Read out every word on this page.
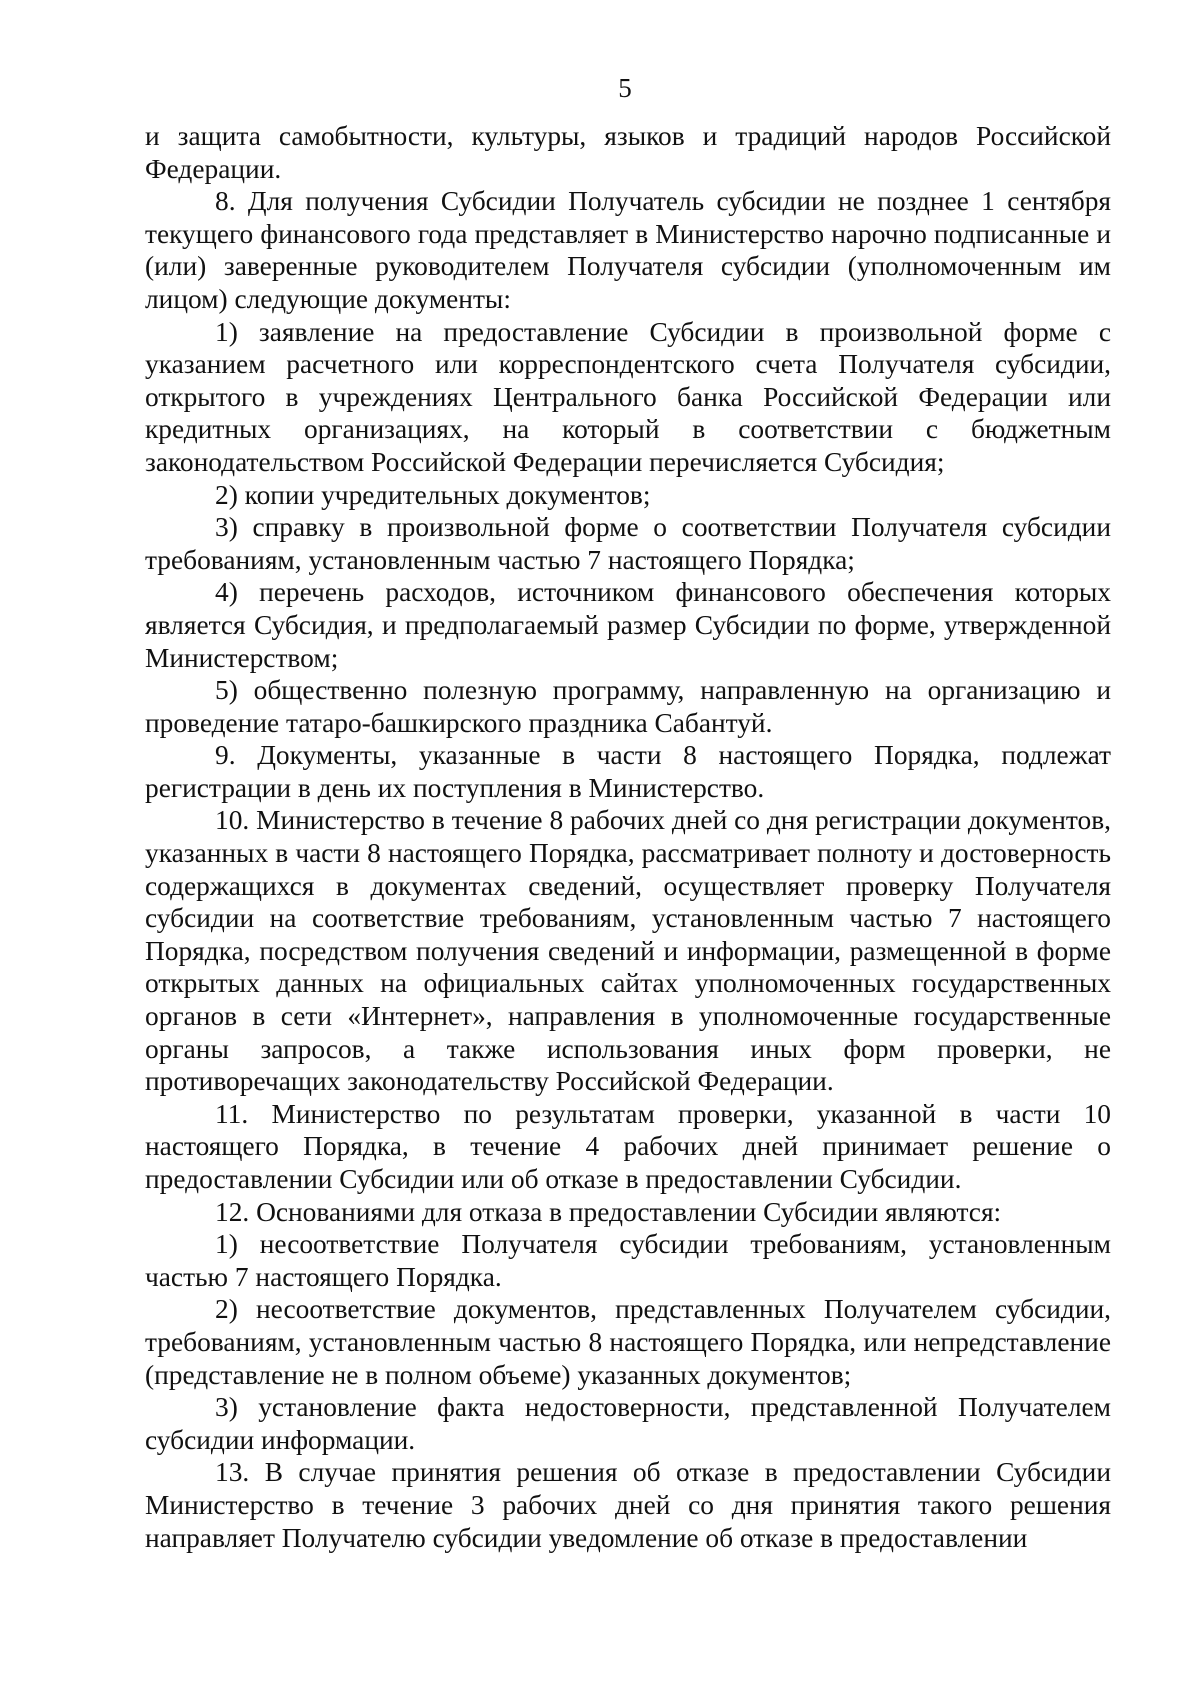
5

и защита самобытности, культуры, языков и традиций народов Российской Федерации.

8. Для получения Субсидии Получатель субсидии не позднее 1 сентября текущего финансового года представляет в Министерство нарочно подписанные и (или) заверенные руководителем Получателя субсидии (уполномоченным им лицом) следующие документы:

1) заявление на предоставление Субсидии в произвольной форме с указанием расчетного или корреспондентского счета Получателя субсидии, открытого в учреждениях Центрального банка Российской Федерации или кредитных организациях, на который в соответствии с бюджетным законодательством Российской Федерации перечисляется Субсидия;

2) копии учредительных документов;

3) справку в произвольной форме о соответствии Получателя субсидии требованиям, установленным частью 7 настоящего Порядка;

4) перечень расходов, источником финансового обеспечения которых является Субсидия, и предполагаемый размер Субсидии по форме, утвержденной Министерством;

5) общественно полезную программу, направленную на организацию и проведение татаро-башкирского праздника Сабантуй.

9. Документы, указанные в части 8 настоящего Порядка, подлежат регистрации в день их поступления в Министерство.

10. Министерство в течение 8 рабочих дней со дня регистрации документов, указанных в части 8 настоящего Порядка, рассматривает полноту и достоверность содержащихся в документах сведений, осуществляет проверку Получателя субсидии на соответствие требованиям, установленным частью 7 настоящего Порядка, посредством получения сведений и информации, размещенной в форме открытых данных на официальных сайтах уполномоченных государственных органов в сети «Интернет», направления в уполномоченные государственные органы запросов, а также использования иных форм проверки, не противоречащих законодательству Российской Федерации.

11. Министерство по результатам проверки, указанной в части 10 настоящего Порядка, в течение 4 рабочих дней принимает решение о предоставлении Субсидии или об отказе в предоставлении Субсидии.

12. Основаниями для отказа в предоставлении Субсидии являются:

1) несоответствие Получателя субсидии требованиям, установленным частью 7 настоящего Порядка.

2) несоответствие документов, представленных Получателем субсидии, требованиям, установленным частью 8 настоящего Порядка, или непредставление (представление не в полном объеме) указанных документов;

3) установление факта недостоверности, представленной Получателем субсидии информации.

13. В случае принятия решения об отказе в предоставлении Субсидии Министерство в течение 3 рабочих дней со дня принятия такого решения направляет Получателю субсидии уведомление об отказе в предоставлении
